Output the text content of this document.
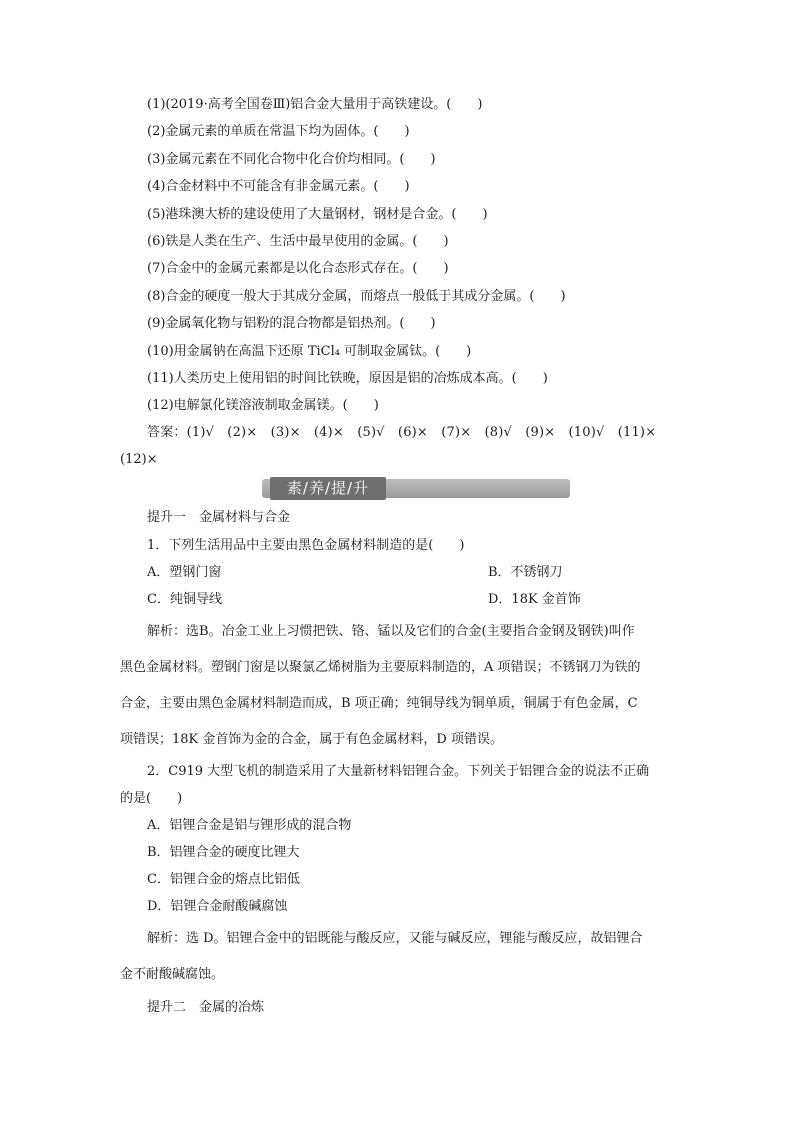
(1)(2019·高考全国卷Ⅲ)铝合金大量用于高铁建设。(　　)
(2)金属元素的单质在常温下均为固体。(　　)
(3)金属元素在不同化合物中化合价均相同。(　　)
(4)合金材料中不可能含有非金属元素。(　　)
(5)港珠澳大桥的建设使用了大量钢材，钢材是合金。(　　)
(6)铁是人类在生产、生活中最早使用的金属。(　　)
(7)合金中的金属元素都是以化合态形式存在。(　　)
(8)合金的硬度一般大于其成分金属，而熔点一般低于其成分金属。(　　)
(9)金属氧化物与铝粉的混合物都是铝热剂。(　　)
(10)用金属钠在高温下还原 TiCl₄ 可制取金属钛。(　　)
(11)人类历史上使用铝的时间比铁晚，原因是铝的冶炼成本高。(　　)
(12)电解氯化镁溶液制取金属镁。(　　)
答案：(1)√　(2)×　(3)×　(4)×　(5)√　(6)×　(7)×　(8)√　(9)×　(10)√　(11)×
(12)×
素/养/提/升
提升一　金属材料与合金
1．下列生活用品中主要由黑色金属材料制造的是(　　)
A．塑钢门窗	B．不锈钢刀
C．纯铜导线	D．18K 金首饰
解析：选B。冶金工业上习惯把铁、铬、锰以及它们的合金(主要指合金钢及钢铁)叫作
黑色金属材料。塑钢门窗是以聚氯乙烯树脂为主要原料制造的，A 项错误；不锈钢刀为铁的
合金，主要由黑色金属材料制造而成，B 项正确；纯铜导线为铜单质，铜属于有色金属，C
项错误；18K 金首饰为金的合金，属于有色金属材料，D 项错误。
2．C919 大型飞机的制造采用了大量新材料铝锂合金。下列关于铝锂合金的说法不正确
的是(　　)
A．铝锂合金是铝与锂形成的混合物
B．铝锂合金的硬度比锂大
C．铝锂合金的熔点比铝低
D．铝锂合金耐酸碱腐蚀
解析：选 D。铝锂合金中的铝既能与酸反应，又能与碱反应，锂能与酸反应，故铝锂合
金不耐酸碱腐蚀。
提升二　金属的冶炼
